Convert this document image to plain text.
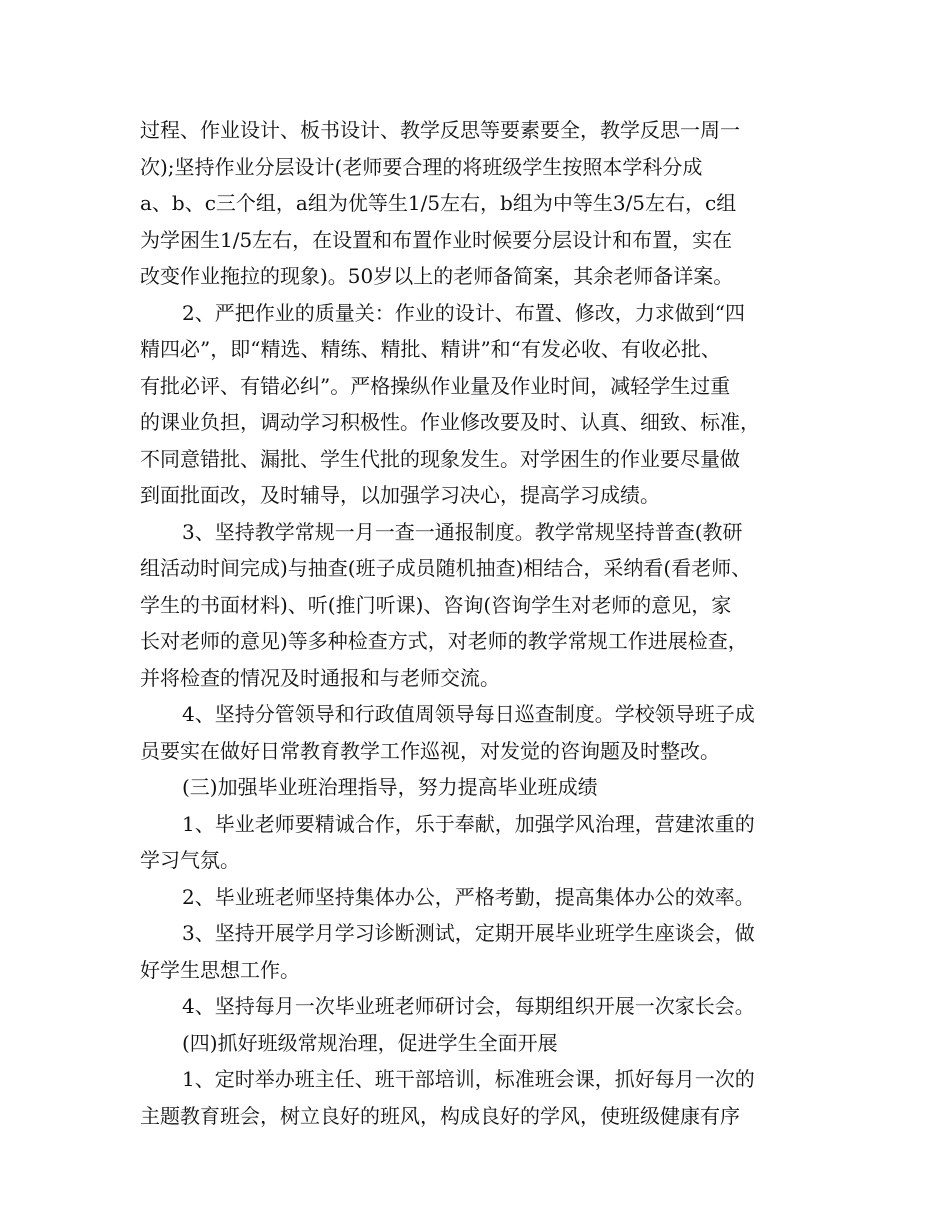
过程、作业设计、板书设计、教学反思等要素要全，教学反思一周一
次);坚持作业分层设计(老师要合理的将班级学生按照本学科分成
a、b、c三个组，a组为优等生1/5左右，b组为中等生3/5左右，c组
为学困生1/5左右，在设置和布置作业时候要分层设计和布置，实在
改变作业拖拉的现象)。50岁以上的老师备简案，其余老师备详案。
2、严把作业的质量关：作业的设计、布置、修改，力求做到“四
精四必”，即“精选、精练、精批、精讲”和“有发必收、有收必批、
有批必评、有错必纠”。严格操纵作业量及作业时间，减轻学生过重
的课业负担，调动学习积极性。作业修改要及时、认真、细致、标准，
不同意错批、漏批、学生代批的现象发生。对学困生的作业要尽量做
到面批面改，及时辅导，以加强学习决心，提高学习成绩。
3、坚持教学常规一月一查一通报制度。教学常规坚持普查(教研
组活动时间完成)与抽查(班子成员随机抽查)相结合，采纳看(看老师、
学生的书面材料)、听(推门听课)、咨询(咨询学生对老师的意见，家
长对老师的意见)等多种检查方式，对老师的教学常规工作进展检查，
并将检查的情况及时通报和与老师交流。
4、坚持分管领导和行政值周领导每日巡查制度。学校领导班子成
员要实在做好日常教育教学工作巡视，对发觉的咨询题及时整改。
(三)加强毕业班治理指导，努力提高毕业班成绩
1、毕业老师要精诚合作，乐于奉献，加强学风治理，营建浓重的
学习气氛。
2、毕业班老师坚持集体办公，严格考勤，提高集体办公的效率。
3、坚持开展学月学习诊断测试，定期开展毕业班学生座谈会，做
好学生思想工作。
4、坚持每月一次毕业班老师研讨会，每期组织开展一次家长会。
(四)抓好班级常规治理，促进学生全面开展
1、定时举办班主任、班干部培训，标准班会课，抓好每月一次的
主题教育班会，树立良好的班风，构成良好的学风，使班级健康有序
